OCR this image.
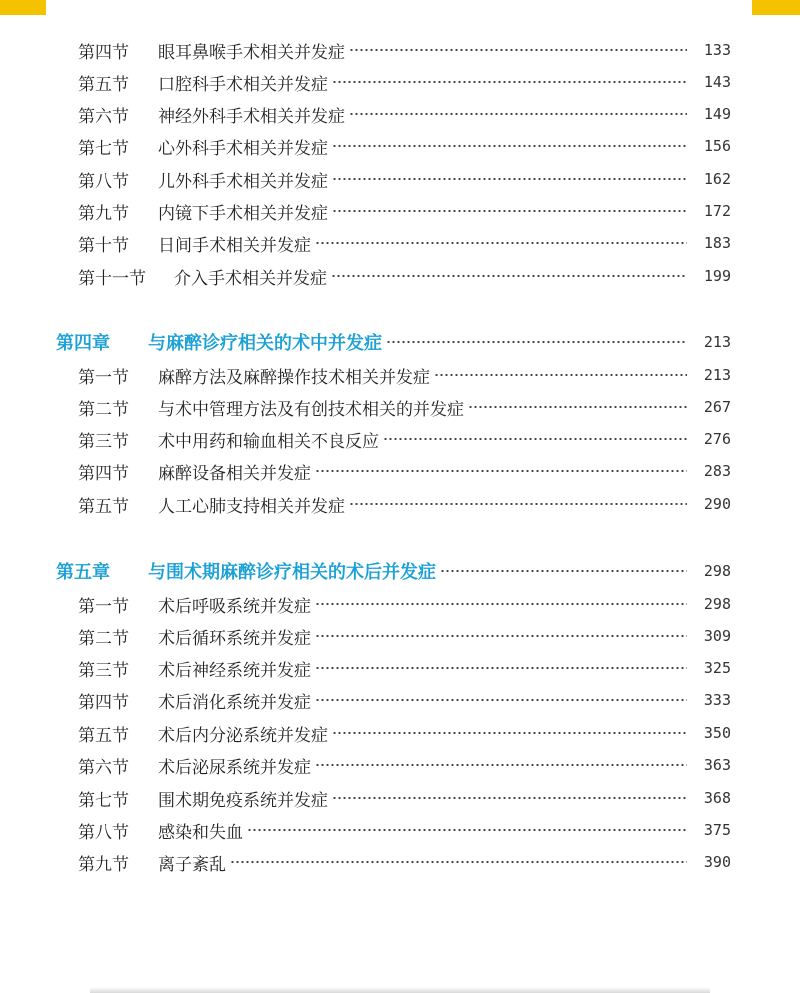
第四节	眼耳鼻喉手术相关并发症	133
第五节	口腔科手术相关并发症	143
第六节	神经外科手术相关并发症	149
第七节	心外科手术相关并发症	156
第八节	儿外科手术相关并发症	162
第九节	内镜下手术相关并发症	172
第十节	日间手术相关并发症	183
第十一节	介入手术相关并发症	199
第四章	与麻醉诊疗相关的术中并发症	213
第一节	麻醉方法及麻醉操作技术相关并发症	213
第二节	与术中管理方法及有创技术相关的并发症	267
第三节	术中用药和输血相关不良反应	276
第四节	麻醉设备相关并发症	283
第五节	人工心肺支持相关并发症	290
第五章	与围术期麻醉诊疗相关的术后并发症	298
第一节	术后呼吸系统并发症	298
第二节	术后循环系统并发症	309
第三节	术后神经系统并发症	325
第四节	术后消化系统并发症	333
第五节	术后内分泌系统并发症	350
第六节	术后泌尿系统并发症	363
第七节	围术期免疫系统并发症	368
第八节	感染和失血	375
第九节	离子紊乱	390
